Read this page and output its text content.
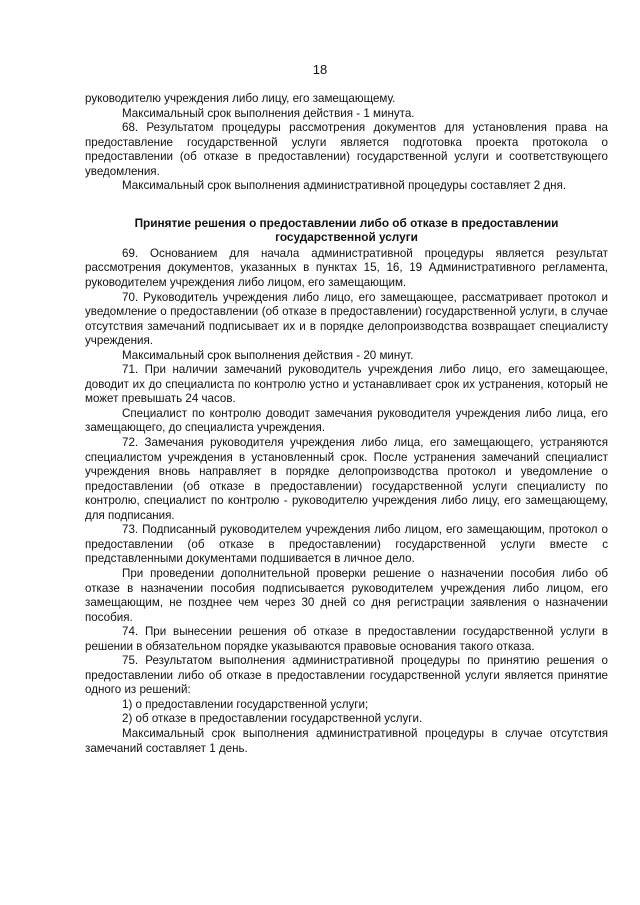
18

руководителю учреждения либо лицу, его замещающему.

Максимальный срок выполнения действия - 1 минута.

68. Результатом процедуры рассмотрения документов для установления права на предоставление государственной услуги является подготовка проекта протокола о предоставлении (об отказе в предоставлении) государственной услуги и соответствующего уведомления.

Максимальный срок выполнения административной процедуры составляет 2 дня.

Принятие решения о предоставлении либо об отказе в предоставлении государственной услуги

69. Основанием для начала административной процедуры является результат рассмотрения документов, указанных в пунктах 15, 16, 19 Административного регламента, руководителем учреждения либо лицом, его замещающим.

70. Руководитель учреждения либо лицо, его замещающее, рассматривает протокол и уведомление о предоставлении (об отказе в предоставлении) государственной услуги, в случае отсутствия замечаний подписывает их и в порядке делопроизводства возвращает специалисту учреждения.

Максимальный срок выполнения действия - 20 минут.

71. При наличии замечаний руководитель учреждения либо лицо, его замещающее, доводит их до специалиста по контролю устно и устанавливает срок их устранения, который не может превышать 24 часов.

Специалист по контролю доводит замечания руководителя учреждения либо лица, его замещающего, до специалиста учреждения.

72. Замечания руководителя учреждения либо лица, его замещающего, устраняются специалистом учреждения в установленный срок. После устранения замечаний специалист учреждения вновь направляет в порядке делопроизводства протокол и уведомление о предоставлении (об отказе в предоставлении) государственной услуги специалисту по контролю, специалист по контролю - руководителю учреждения либо лицу, его замещающему, для подписания.

73. Подписанный руководителем учреждения либо лицом, его замещающим, протокол о предоставлении (об отказе в предоставлении) государственной услуги вместе с представленными документами подшивается в личное дело.

При проведении дополнительной проверки решение о назначении пособия либо об отказе в назначении пособия подписывается руководителем учреждения либо лицом, его замещающим, не позднее чем через 30 дней со дня регистрации заявления о назначении пособия.

74. При вынесении решения об отказе в предоставлении государственной услуги в решении в обязательном порядке указываются правовые основания такого отказа.

75. Результатом выполнения административной процедуры по принятию решения о предоставлении либо об отказе в предоставлении государственной услуги является принятие одного из решений:

1) о предоставлении государственной услуги;

2) об отказе в предоставлении государственной услуги.

Максимальный срок выполнения административной процедуры в случае отсутствия замечаний составляет 1 день.
